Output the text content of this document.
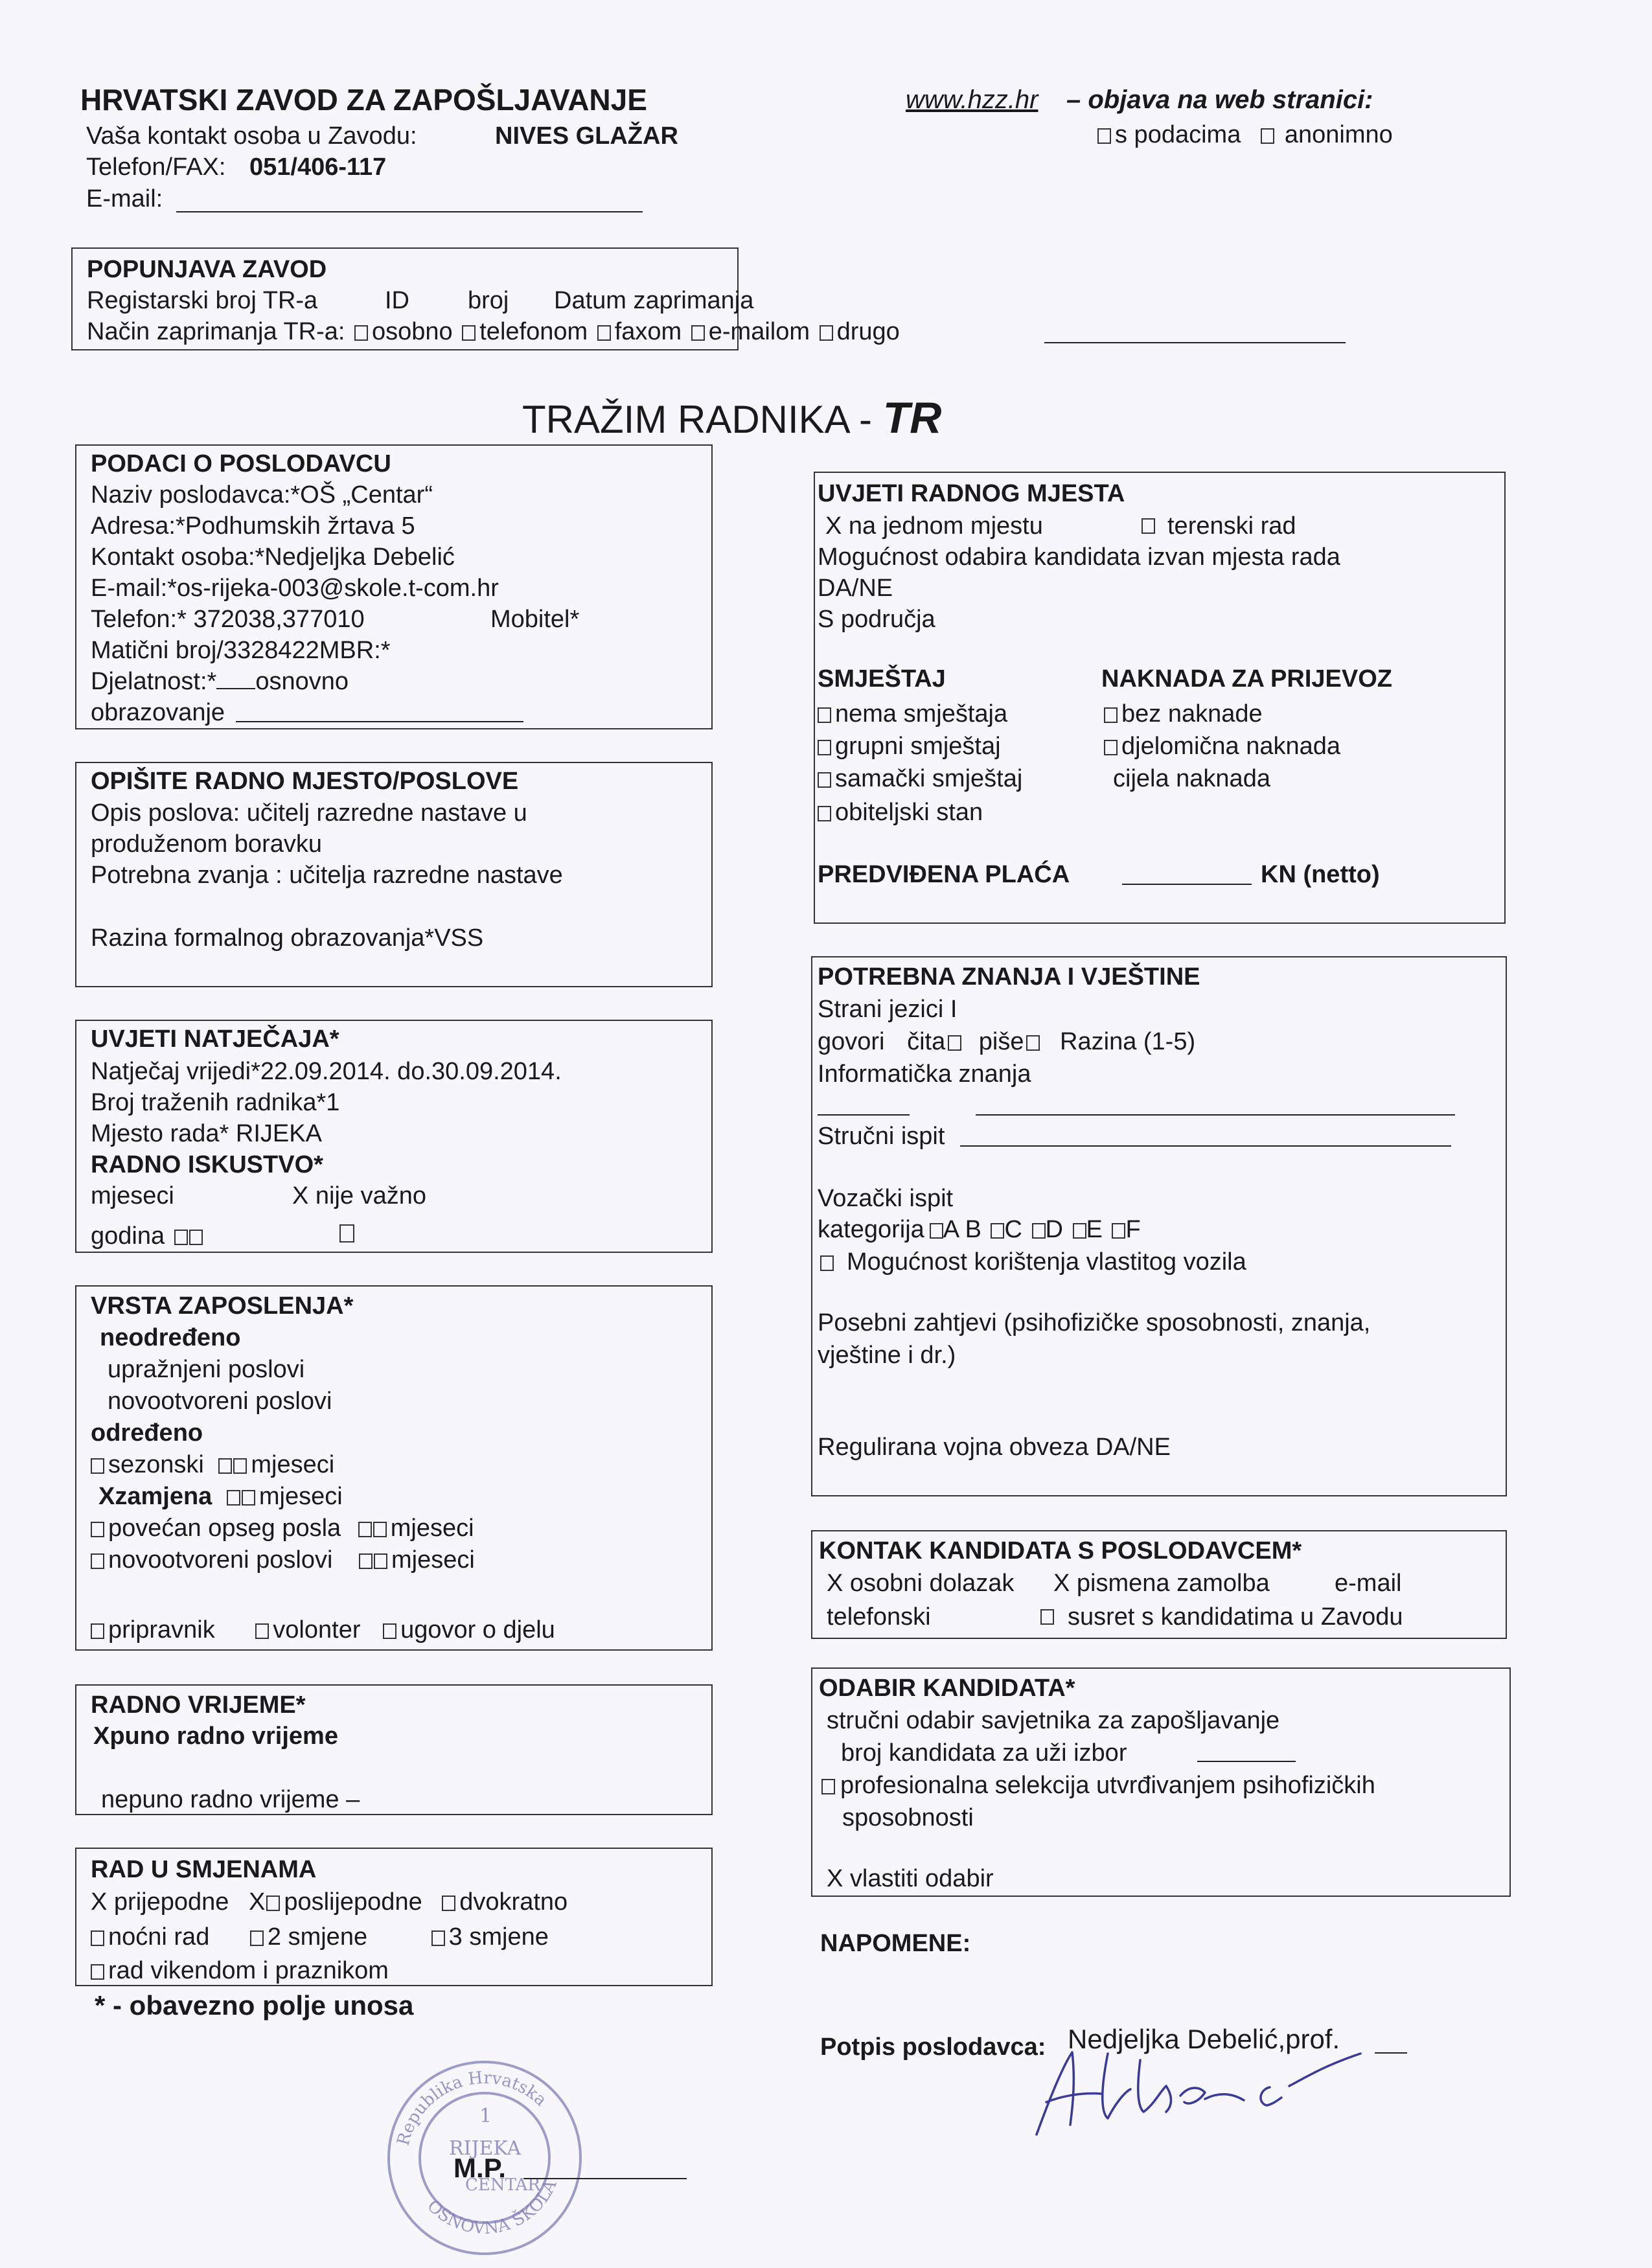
HRVATSKI ZAVOD ZA ZAPOŠLJAVANJE
Vaša kontakt osoba u Zavodu:	NIVES GLAŽAR
Telefon/FAX: 051/406-117
E-mail:
www.hzz.hr – objava na web stranici:
s podacima anonimno
POPUNJAVA ZAVOD
Registarski broj TR-a	ID broj Datum zaprimanja
Način zaprimanja TR-a: osobno telefonom faxom e-mailom drugo
TRAŽIM RADNIKA - TR
PODACI O POSLODAVCU
Naziv poslodavca:*OŠ „Centar“
Adresa:*Podhumskih žrtava 5
Kontakt osoba:*Nedjeljka Debelić
E-mail:*os-rijeka-003@skole.t-com.hr
Telefon:* 372038,377010	Mobitel*
Matični broj/3328422MBR:*
Djelatnost:* osnovno
obrazovanje
OPIŠITE RADNO MJESTO/POSLOVE
Opis poslova: učitelj razredne nastave u
produženom boravku
Potrebna zvanja : učitelja razredne nastave
Razina formalnog obrazovanja*VSS
UVJETI NATJEČAJA*
Natječaj vrijedi*22.09.2014. do.30.09.2014.
Broj traženih radnika*1
Mjesto rada* RIJEKA
RADNO ISKUSTVO*
mjeseci	X nije važno
godina
VRSTA ZAPOSLENJA*
neodređeno
upražnjeni poslovi
novootvoreni poslovi
određeno
sezonski mjeseci
Xzamjena mjeseci
povećan opseg posla mjeseci
novootvoreni poslovi mjeseci
pripravnik volonter ugovor o djelu
RADNO VRIJEME*
Xpuno radno vrijeme
nepuno radno vrijeme –
RAD U SMJENAMA
X prijepodne X poslijepodne dvokratno
noćni rad 2 smjene	3 smjene
rad vikendom i praznikom
* - obavezno polje unosa
Republika Hrvatska
1
RIJEKA
CENTAR
OSNOVNA ŠKOLA
M.P.
UVJETI RADNOG MJESTA
X na jednom mjestu	terenski rad
Mogućnost odabira kandidata izvan mjesta rada
DA/NE
S područja
SMJEŠTAJ
nema smještaja
grupni smještaj
samački smještaj
obiteljski stan
NAKNADA ZA PRIJEVOZ
bez naknade
djelomična naknada
cijela naknada
PREDVIĐENA PLAĆA	KN (netto)
POTREBNA ZNANJA I VJEŠTINE
Strani jezici I
govori čita piše Razina (1-5)
Informatička znanja
Stručni ispit
Vozački ispit
kategorija A B C D E F
Mogućnost korištenja vlastitog vozila
Posebni zahtjevi (psihofizičke sposobnosti, znanja,
vještine i dr.)
Regulirana vojna obveza DA/NE
KONTAK KANDIDATA S POSLODAVCEM*
X osobni dolazak X pismena zamolba	e-mail
telefonski	susret s kandidatima u Zavodu
ODABIR KANDIDATA*
stručni odabir savjetnika za zapošljavanje
broj kandidata za uži izbor
profesionalna selekcija utvrđivanjem psihofizičkih
sposobnosti
X vlastiti odabir
NAPOMENE:
Potpis poslodavca: Nedjeljka Debelić,prof.
